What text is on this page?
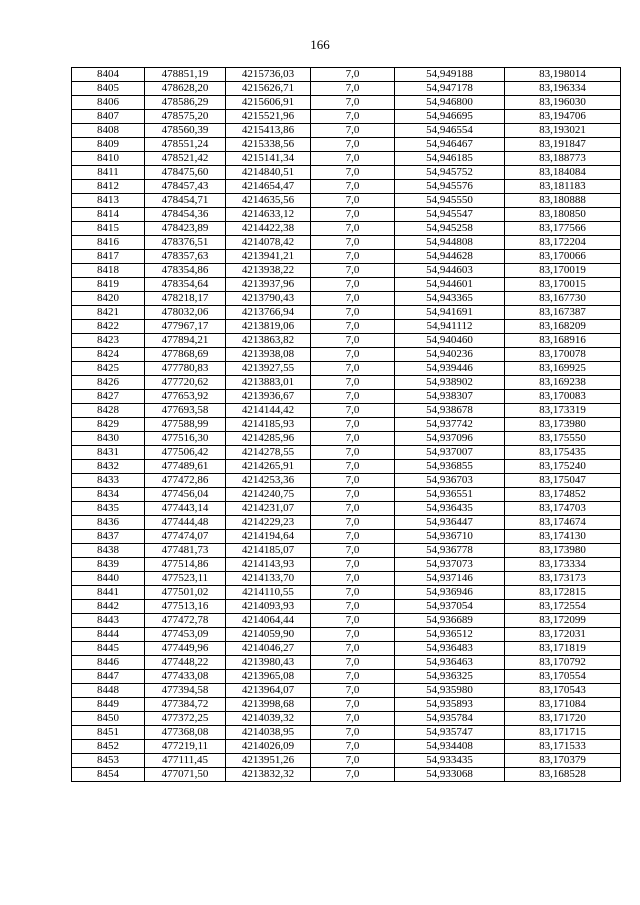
166
8404	478851,19	4215736,03	7,0	54,949188	83,198014
8405	478628,20	4215626,71	7,0	54,947178	83,196334
8406	478586,29	4215606,91	7,0	54,946800	83,196030
8407	478575,20	4215521,96	7,0	54,946695	83,194706
8408	478560,39	4215413,86	7,0	54,946554	83,193021
8409	478551,24	4215338,56	7,0	54,946467	83,191847
8410	478521,42	4215141,34	7,0	54,946185	83,188773
8411	478475,60	4214840,51	7,0	54,945752	83,184084
8412	478457,43	4214654,47	7,0	54,945576	83,181183
8413	478454,71	4214635,56	7,0	54,945550	83,180888
8414	478454,36	4214633,12	7,0	54,945547	83,180850
8415	478423,89	4214422,38	7,0	54,945258	83,177566
8416	478376,51	4214078,42	7,0	54,944808	83,172204
8417	478357,63	4213941,21	7,0	54,944628	83,170066
8418	478354,86	4213938,22	7,0	54,944603	83,170019
8419	478354,64	4213937,96	7,0	54,944601	83,170015
8420	478218,17	4213790,43	7,0	54,943365	83,167730
8421	478032,06	4213766,94	7,0	54,941691	83,167387
8422	477967,17	4213819,06	7,0	54,941112	83,168209
8423	477894,21	4213863,82	7,0	54,940460	83,168916
8424	477868,69	4213938,08	7,0	54,940236	83,170078
8425	477780,83	4213927,55	7,0	54,939446	83,169925
8426	477720,62	4213883,01	7,0	54,938902	83,169238
8427	477653,92	4213936,67	7,0	54,938307	83,170083
8428	477693,58	4214144,42	7,0	54,938678	83,173319
8429	477588,99	4214185,93	7,0	54,937742	83,173980
8430	477516,30	4214285,96	7,0	54,937096	83,175550
8431	477506,42	4214278,55	7,0	54,937007	83,175435
8432	477489,61	4214265,91	7,0	54,936855	83,175240
8433	477472,86	4214253,36	7,0	54,936703	83,175047
8434	477456,04	4214240,75	7,0	54,936551	83,174852
8435	477443,14	4214231,07	7,0	54,936435	83,174703
8436	477444,48	4214229,23	7,0	54,936447	83,174674
8437	477474,07	4214194,64	7,0	54,936710	83,174130
8438	477481,73	4214185,07	7,0	54,936778	83,173980
8439	477514,86	4214143,93	7,0	54,937073	83,173334
8440	477523,11	4214133,70	7,0	54,937146	83,173173
8441	477501,02	4214110,55	7,0	54,936946	83,172815
8442	477513,16	4214093,93	7,0	54,937054	83,172554
8443	477472,78	4214064,44	7,0	54,936689	83,172099
8444	477453,09	4214059,90	7,0	54,936512	83,172031
8445	477449,96	4214046,27	7,0	54,936483	83,171819
8446	477448,22	4213980,43	7,0	54,936463	83,170792
8447	477433,08	4213965,08	7,0	54,936325	83,170554
8448	477394,58	4213964,07	7,0	54,935980	83,170543
8449	477384,72	4213998,68	7,0	54,935893	83,171084
8450	477372,25	4214039,32	7,0	54,935784	83,171720
8451	477368,08	4214038,95	7,0	54,935747	83,171715
8452	477219,11	4214026,09	7,0	54,934408	83,171533
8453	477111,45	4213951,26	7,0	54,933435	83,170379
8454	477071,50	4213832,32	7,0	54,933068	83,168528
